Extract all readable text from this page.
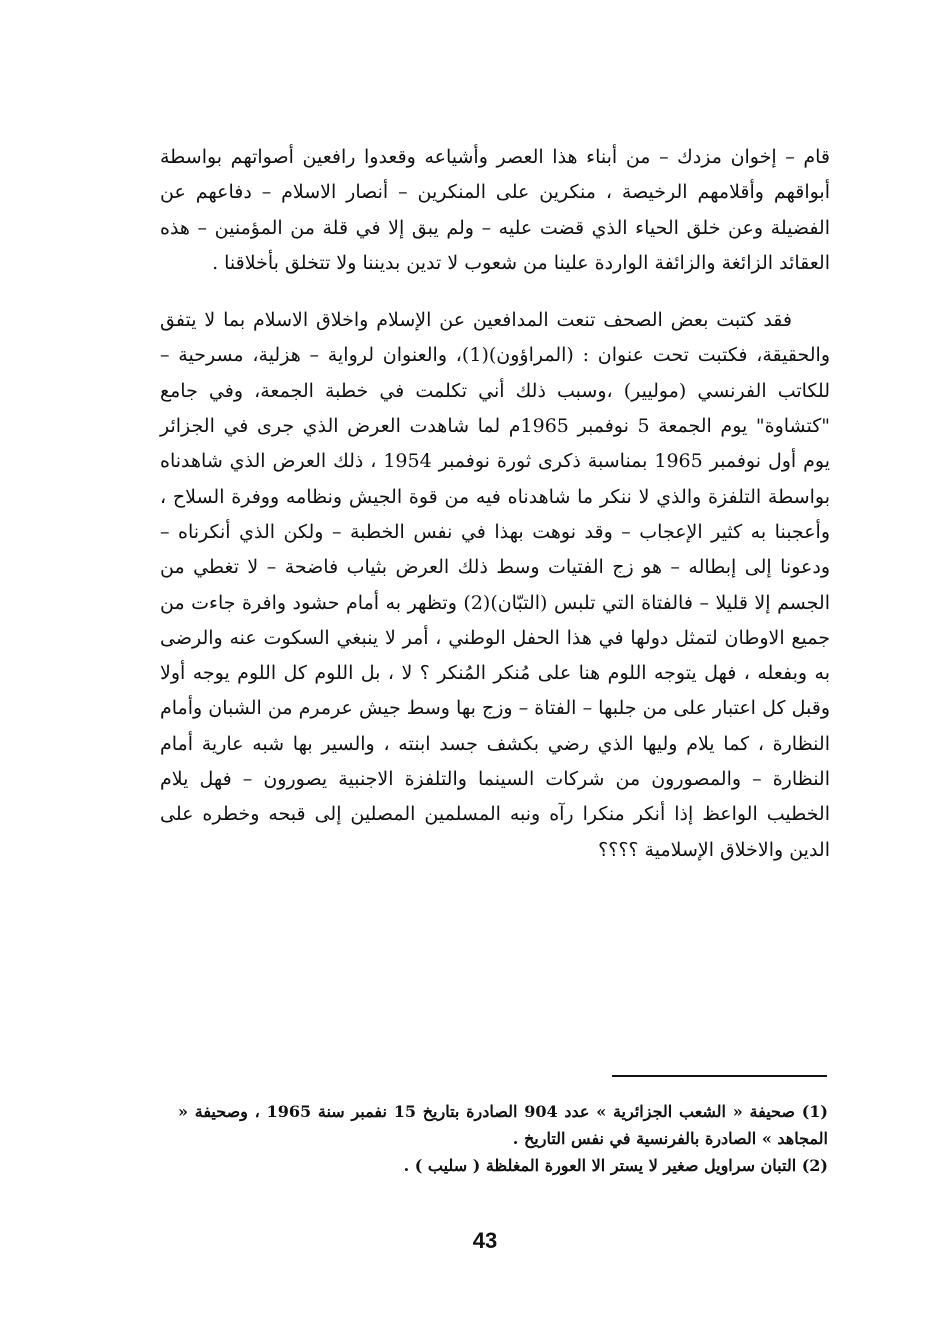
قام – إخوان مزدك – من أبناء هذا العصر وأشياعه وقعدوا رافعين أصواتهم بواسطة أبواقهم وأقلامهم الرخيصة ، منكرين على المنكرين – أنصار الاسلام – دفاعهم عن الفضيلة وعن خلق الحياء الذي قضت عليه – ولم يبق إلا في قلة من المؤمنين – هذه العقائد الزائغة والزائفة الواردة علينا من شعوب لا تدين بديننا ولا تتخلق بأخلاقنا .

فقد كتبت بعض الصحف تنعت المدافعين عن الإسلام واخلاق الاسلام بما لا يتفق والحقيقة، فكتبت تحت عنوان : (المراؤون)(1)، والعنوان لرواية – هزلية، مسرحية – للكاتب الفرنسي (موليير) ،وسبب ذلك أني تكلمت في خطبة الجمعة، وفي جامع "كتشاوة" يوم الجمعة 5 نوفمبر 1965م لما شاهدت العرض الذي جرى في الجزائر يوم أول نوفمبر 1965 بمناسبة ذكرى ثورة نوفمبر 1954 ، ذلك العرض الذي شاهدناه بواسطة التلفزة والذي لا ننكر ما شاهدناه فيه من قوة الجيش ونظامه ووفرة السلاح ، وأعجبنا به كثير الإعجاب – وقد نوهت بهذا في نفس الخطبة – ولكن الذي أنكرناه – ودعونا إلى إبطاله – هو زج الفتيات وسط ذلك العرض بثياب فاضحة – لا تغطي من الجسم إلا قليلا – فالفتاة التي تلبس (التبّان)(2) وتظهر به أمام حشود وافرة جاءت من جميع الاوطان لتمثل دولها في هذا الحفل الوطني ، أمر لا ينبغي السكوت عنه والرضى به وبفعله ، فهل يتوجه اللوم هنا على مُنكر المُنكر ؟ لا ، بل اللوم كل اللوم يوجه أولا وقبل كل اعتبار على من جلبها – الفتاة – وزج بها وسط جيش عرمرم من الشبان وأمام النظارة ، كما يلام وليها الذي رضي بكشف جسد ابنته ، والسير بها شبه عارية أمام النظارة – والمصورون من شركات السينما والتلفزة الاجنبية يصورون – فهل يلام الخطيب الواعظ إذا أنكر منكرا رآه ونبه المسلمين المصلين إلى قبحه وخطره على الدين والاخلاق الإسلامية ؟؟؟؟

(1) صحيفة « الشعب الجزائرية » عدد 904 الصادرة بتاريخ 15 نفمبر سنة 1965 ، وصحيفة « المجاهد » الصادرة بالفرنسية في نفس التاريخ .

(2) التبان سراويل صغير لا يستر الا العورة المغلظة ( سليب ) .

43
